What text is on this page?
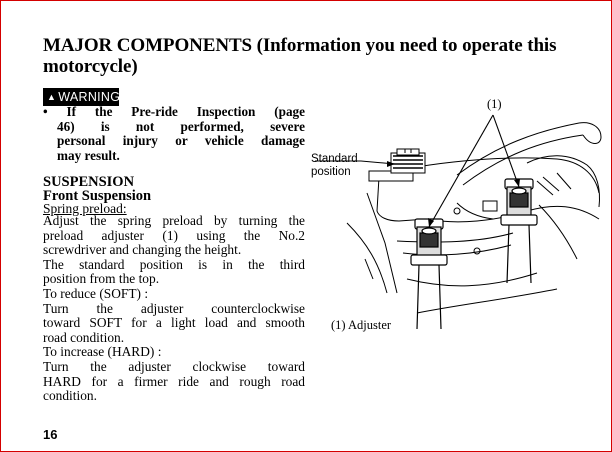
MAJOR COMPONENTS (Information you need to operate this
motorcycle)
▲ WARNING
• If the Pre-ride Inspection (page
46) is not performed, severe
personal injury or vehicle damage
may result.
SUSPENSION
Front Suspension
Spring preload:
Adjust the spring preload by turning the
preload adjuster (1) using the No.2
screwdriver and changing the height.
The standard position is in the third
position from the top.
To reduce (SOFT) :
Turn the adjuster counterclockwise
toward SOFT for a light load and smooth
road condition.
To increase (HARD) :
Turn the adjuster clockwise toward
HARD for a firmer ride and rough road
condition.
(1)
Standard
position
(1) Adjuster
16
